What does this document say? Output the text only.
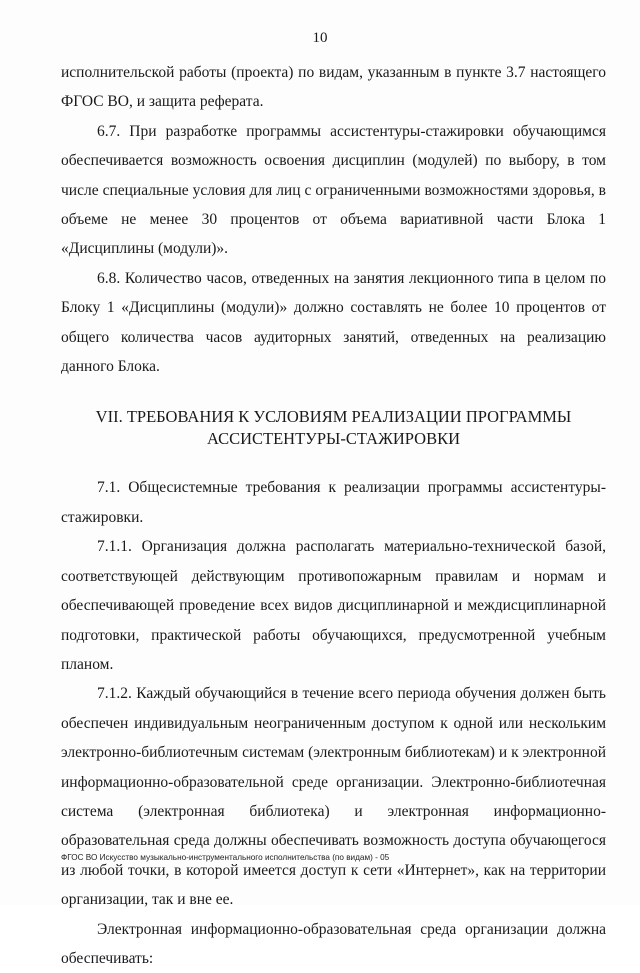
10

исполнительской работы (проекта) по видам, указанным в пункте 3.7 настоящего ФГОС ВО, и защита реферата.

6.7. При разработке программы ассистентуры-стажировки обучающимся обеспечивается возможность освоения дисциплин (модулей) по выбору, в том числе специальные условия для лиц с ограниченными возможностями здоровья, в объеме не менее 30 процентов от объема вариативной части Блока 1 «Дисциплины (модули)».

6.8. Количество часов, отведенных на занятия лекционного типа в целом по Блоку 1 «Дисциплины (модули)» должно составлять не более 10 процентов от общего количества часов аудиторных занятий, отведенных на реализацию данного Блока.

VII. ТРЕБОВАНИЯ К УСЛОВИЯМ РЕАЛИЗАЦИИ ПРОГРАММЫ
АССИСТЕНТУРЫ-СТАЖИРОВКИ

7.1. Общесистемные требования к реализации программы ассистентуры-стажировки.

7.1.1. Организация должна располагать материально-технической базой, соответствующей действующим противопожарным правилам и нормам и обеспечивающей проведение всех видов дисциплинарной и междисциплинарной подготовки, практической работы обучающихся, предусмотренной учебным планом.

7.1.2. Каждый обучающийся в течение всего периода обучения должен быть обеспечен индивидуальным неограниченным доступом к одной или нескольким электронно-библиотечным системам (электронным библиотекам) и к электронной информационно-образовательной среде организации. Электронно-библиотечная система (электронная библиотека) и электронная информационно-образовательная среда должны обеспечивать возможность доступа обучающегося из любой точки, в которой имеется доступ к сети «Интернет», как на территории организации, так и вне ее.

Электронная информационно-образовательная среда организации должна обеспечивать:

ФГОС ВО Искусство музыкально-инструментального исполнительства (по видам) - 05
